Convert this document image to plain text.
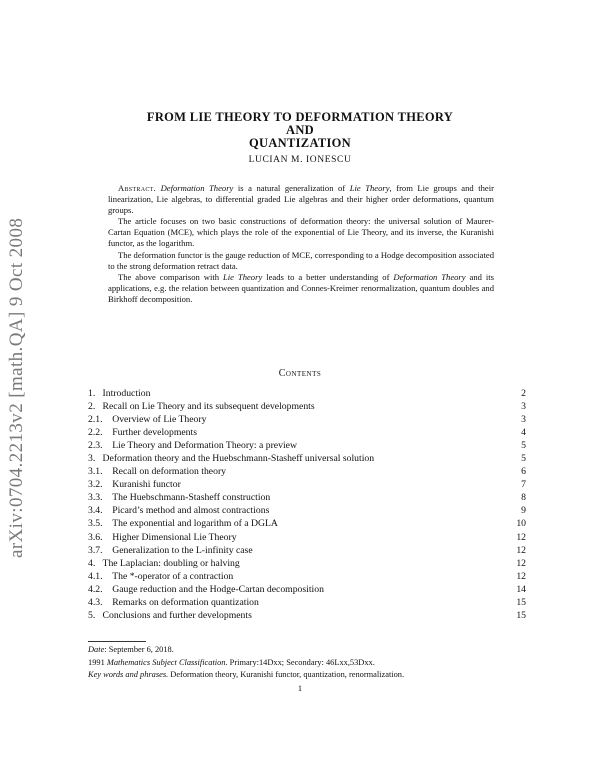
arXiv:0704.2213v2 [math.QA] 9 Oct 2008
FROM LIE THEORY TO DEFORMATION THEORY
AND
QUANTIZATION
LUCIAN M. IONESCU

Abstract. Deformation Theory is a natural generalization of Lie Theory, from Lie groups and their linearization, Lie algebras, to differential graded Lie algebras and their higher order deformations, quantum groups.

The article focuses on two basic constructions of deformation theory: the universal solution of Maurer-Cartan Equation (MCE), which plays the role of the exponential of Lie Theory, and its inverse, the Kuranishi functor, as the logarithm.

The deformation functor is the gauge reduction of MCE, corresponding to a Hodge decomposition associated to the strong deformation retract data.

The above comparison with Lie Theory leads to a better understanding of Deformation Theory and its applications, e.g. the relation between quantization and Connes-Kreimer renormalization, quantum doubles and Birkhoff decomposition.

Contents
1. Introduction	2
2. Recall on Lie Theory and its subsequent developments	3
2.1. Overview of Lie Theory	3
2.2. Further developments	4
2.3. Lie Theory and Deformation Theory: a preview	5
3. Deformation theory and the Huebschmann-Stasheff universal solution	5
3.1. Recall on deformation theory	6
3.2. Kuranishi functor	7
3.3. The Huebschmann-Stasheff construction	8
3.4. Picard’s method and almost contractions	9
3.5. The exponential and logarithm of a DGLA	10
3.6. Higher Dimensional Lie Theory	12
3.7. Generalization to the L-infinity case	12
4. The Laplacian: doubling or halving	12
4.1. The *-operator of a contraction	12
4.2. Gauge reduction and the Hodge-Cartan decomposition	14
4.3. Remarks on deformation quantization	15
5. Conclusions and further developments	15
Date: September 6, 2018.
1991 Mathematics Subject Classification. Primary:14Dxx; Secondary: 46Lxx,53Dxx.
Key words and phrases. Deformation theory, Kuranishi functor, quantization, renormalization.
1
